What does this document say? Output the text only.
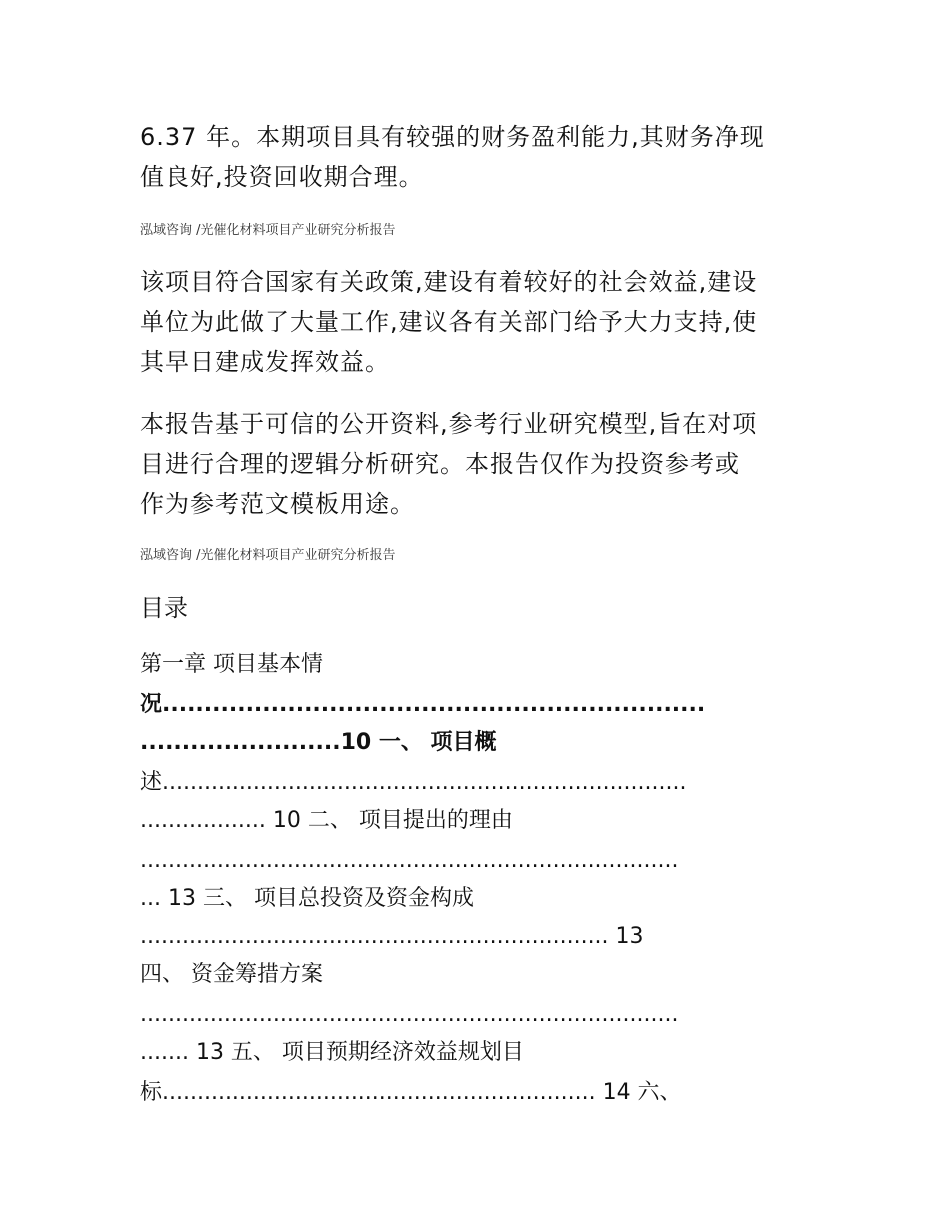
6.37 年。本期项目具有较强的财务盈利能力,其财务净现
值良好,投资回收期合理。

泓域咨询 /光催化材料项目产业研究分析报告

该项目符合国家有关政策,建设有着较好的社会效益,建设
单位为此做了大量工作,建议各有关部门给予大力支持,使
其早日建成发挥效益。

本报告基于可信的公开资料,参考行业研究模型,旨在对项
目进行合理的逻辑分析研究。本报告仅作为投资参考或
作为参考范文模板用途。

泓域咨询 /光催化材料项目产业研究分析报告

目录

第一章 项目基本情

况.................................................................

........................10 一、 项目概

述...........................................................................

.................. 10 二、 项目提出的理由

.............................................................................

... 13 三、 项目总投资及资金构成

................................................................... 13

四、 资金筹措方案

.............................................................................

....... 13 五、 项目预期经济效益规划目

标.............................................................. 14 六、
